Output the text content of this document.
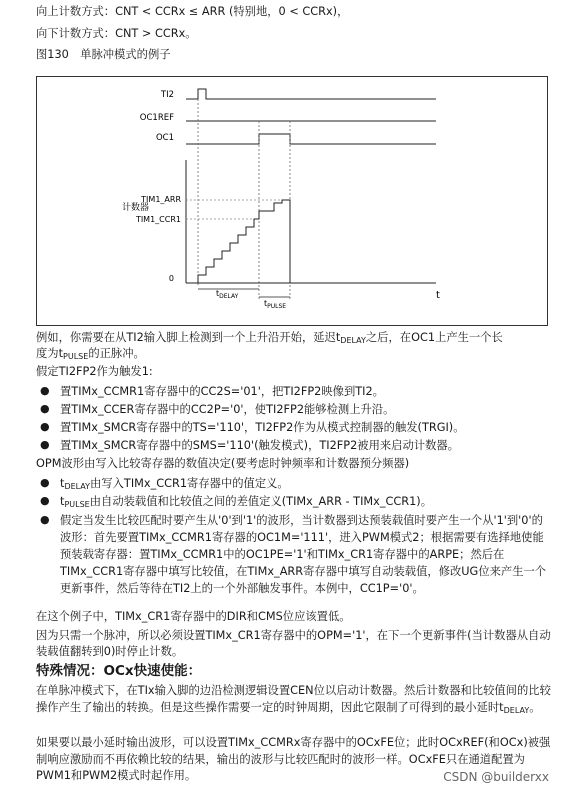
向上计数方式：CNT < CCRx ≤ ARR (特别地，0 < CCRx)，
向下计数方式：CNT > CCRx。
图130　单脉冲模式的例子
TI2
OC1REF
OC1
计数器
TIM1_ARR
TIM1_CCR1
0
t
$t_{DELAY}$
$t_{PULSE}$
例如，你需要在从TI2输入脚上检测到一个上升沿开始，延迟$t_{DELAY}$之后，在OC1上产生一个长
度为$t_{PULSE}$的正脉冲。
假定TI2FP2作为触发1:
● 置TIMx_CCMR1寄存器中的CC2S='01'，把TI2FP2映像到TI2。
● 置TIMx_CCER寄存器中的CC2P='0'，使TI2FP2能够检测上升沿。
● 置TIMx_SMCR寄存器中的TS='110'，TI2FP2作为从模式控制器的触发(TRGI)。
● 置TIMx_SMCR寄存器中的SMS='110'(触发模式)，TI2FP2被用来启动计数器。
OPM波形由写入比较寄存器的数值决定(要考虑时钟频率和计数器预分频器)
● $t_{DELAY}$由写入TIMx_CCR1寄存器中的值定义。
● $t_{PULSE}$由自动装载值和比较值之间的差值定义(TIMx_ARR - TIMx_CCR1)。
● 假定当发生比较匹配时要产生从'0'到'1'的波形，当计数器到达预装载值时要产生一个从'1'到'0'的波形：首先要置TIMx_CCMR1寄存器的OC1M='111'，进入PWM模式2；根据需要有选择地使能预装载寄存器：置TIMx_CCMR1中的OC1PE='1'和TIMx_CR1寄存器中的ARPE；然后在TIMx_CCR1寄存器中填写比较值，在TIMx_ARR寄存器中填写自动装载值，修改UG位来产生一个更新事件，然后等待在TI2上的一个外部触发事件。本例中，CC1P='0'。
在这个例子中，TIMx_CR1寄存器中的DIR和CMS位应该置低。
因为只需一个脉冲，所以必须设置TIMx_CR1寄存器中的OPM='1'，在下一个更新事件(当计数器从自动装载值翻转到0)时停止计数。
特殊情况：OCx快速使能：
在单脉冲模式下，在TIx输入脚的边沿检测逻辑设置CEN位以启动计数器。然后计数器和比较值间的比较操作产生了输出的转换。但是这些操作需要一定的时钟周期，因此它限制了可得到的最小延时$t_{DELAY}$。
如果要以最小延时输出波形，可以设置TIMx_CCMRx寄存器中的OCxFE位；此时OCxREF(和OCx)被强制响应激励而不再依赖比较的结果，输出的波形与比较匹配时的波形一样。OCxFE只在通道配置为PWM1和PWM2模式时起作用。	CSDN @builderxx
